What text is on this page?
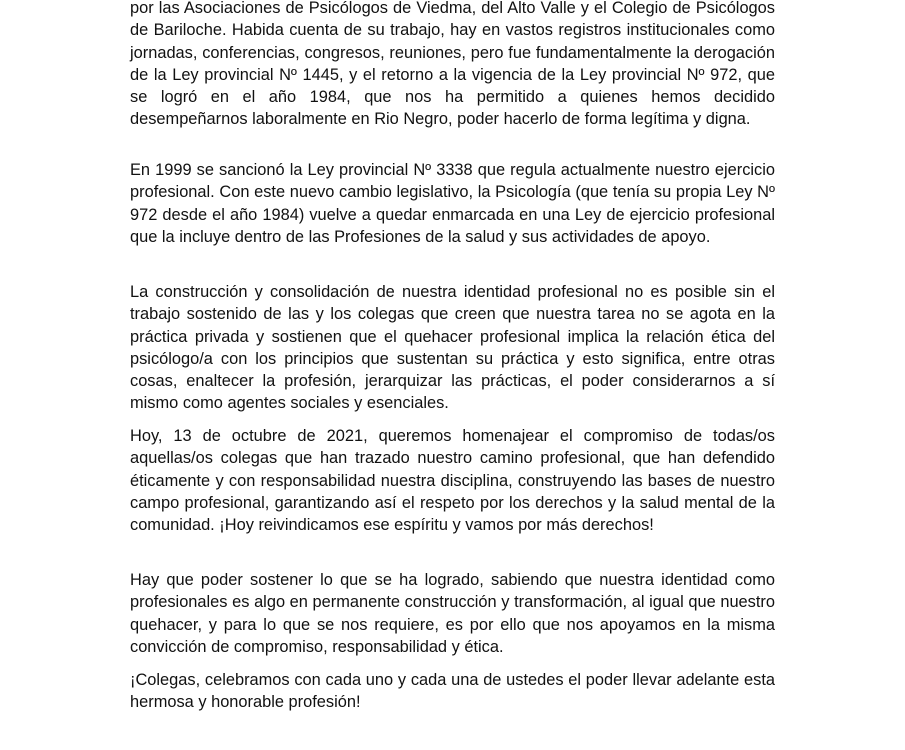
por las Asociaciones de Psicólogos de Viedma, del Alto Valle y el Colegio de Psicólogos de Bariloche. Habida cuenta de su trabajo, hay en vastos registros institucionales como jornadas, conferencias, congresos, reuniones, pero fue fundamentalmente la derogación de la Ley provincial Nº 1445, y el retorno a la vigencia de la Ley provincial Nº 972, que se logró en el año 1984, que nos ha permitido a quienes hemos decidido desempeñarnos laboralmente en Rio Negro, poder hacerlo de forma legítima y digna.

En 1999 se sancionó la Ley provincial Nº 3338 que regula actualmente nuestro ejercicio profesional. Con este nuevo cambio legislativo, la Psicología (que tenía su propia Ley Nº 972 desde el año 1984) vuelve a quedar enmarcada en una Ley de ejercicio profesional que la incluye dentro de las Profesiones de la salud y sus actividades de apoyo.

La construcción y consolidación de nuestra identidad profesional no es posible sin el trabajo sostenido de las y los colegas que creen que nuestra tarea no se agota en la práctica privada y sostienen que el quehacer profesional implica la relación ética del psicólogo/a con los principios que sustentan su práctica y esto significa, entre otras cosas, enaltecer la profesión, jerarquizar las prácticas, el poder considerarnos a sí mismo como agentes sociales y esenciales.

Hoy, 13 de octubre de 2021, queremos homenajear el compromiso de todas/os aquellas/os colegas que han trazado nuestro camino profesional, que han defendido éticamente y con responsabilidad nuestra disciplina, construyendo las bases de nuestro campo profesional, garantizando así el respeto por los derechos y la salud mental de la comunidad. ¡Hoy reivindicamos ese espíritu y vamos por más derechos!

Hay que poder sostener lo que se ha logrado, sabiendo que nuestra identidad como profesionales es algo en permanente construcción y transformación, al igual que nuestro quehacer, y para lo que se nos requiere, es por ello que nos apoyamos en la misma convicción de compromiso, responsabilidad y ética.

¡Colegas, celebramos con cada uno y cada una de ustedes el poder llevar adelante esta hermosa y honorable profesión!
